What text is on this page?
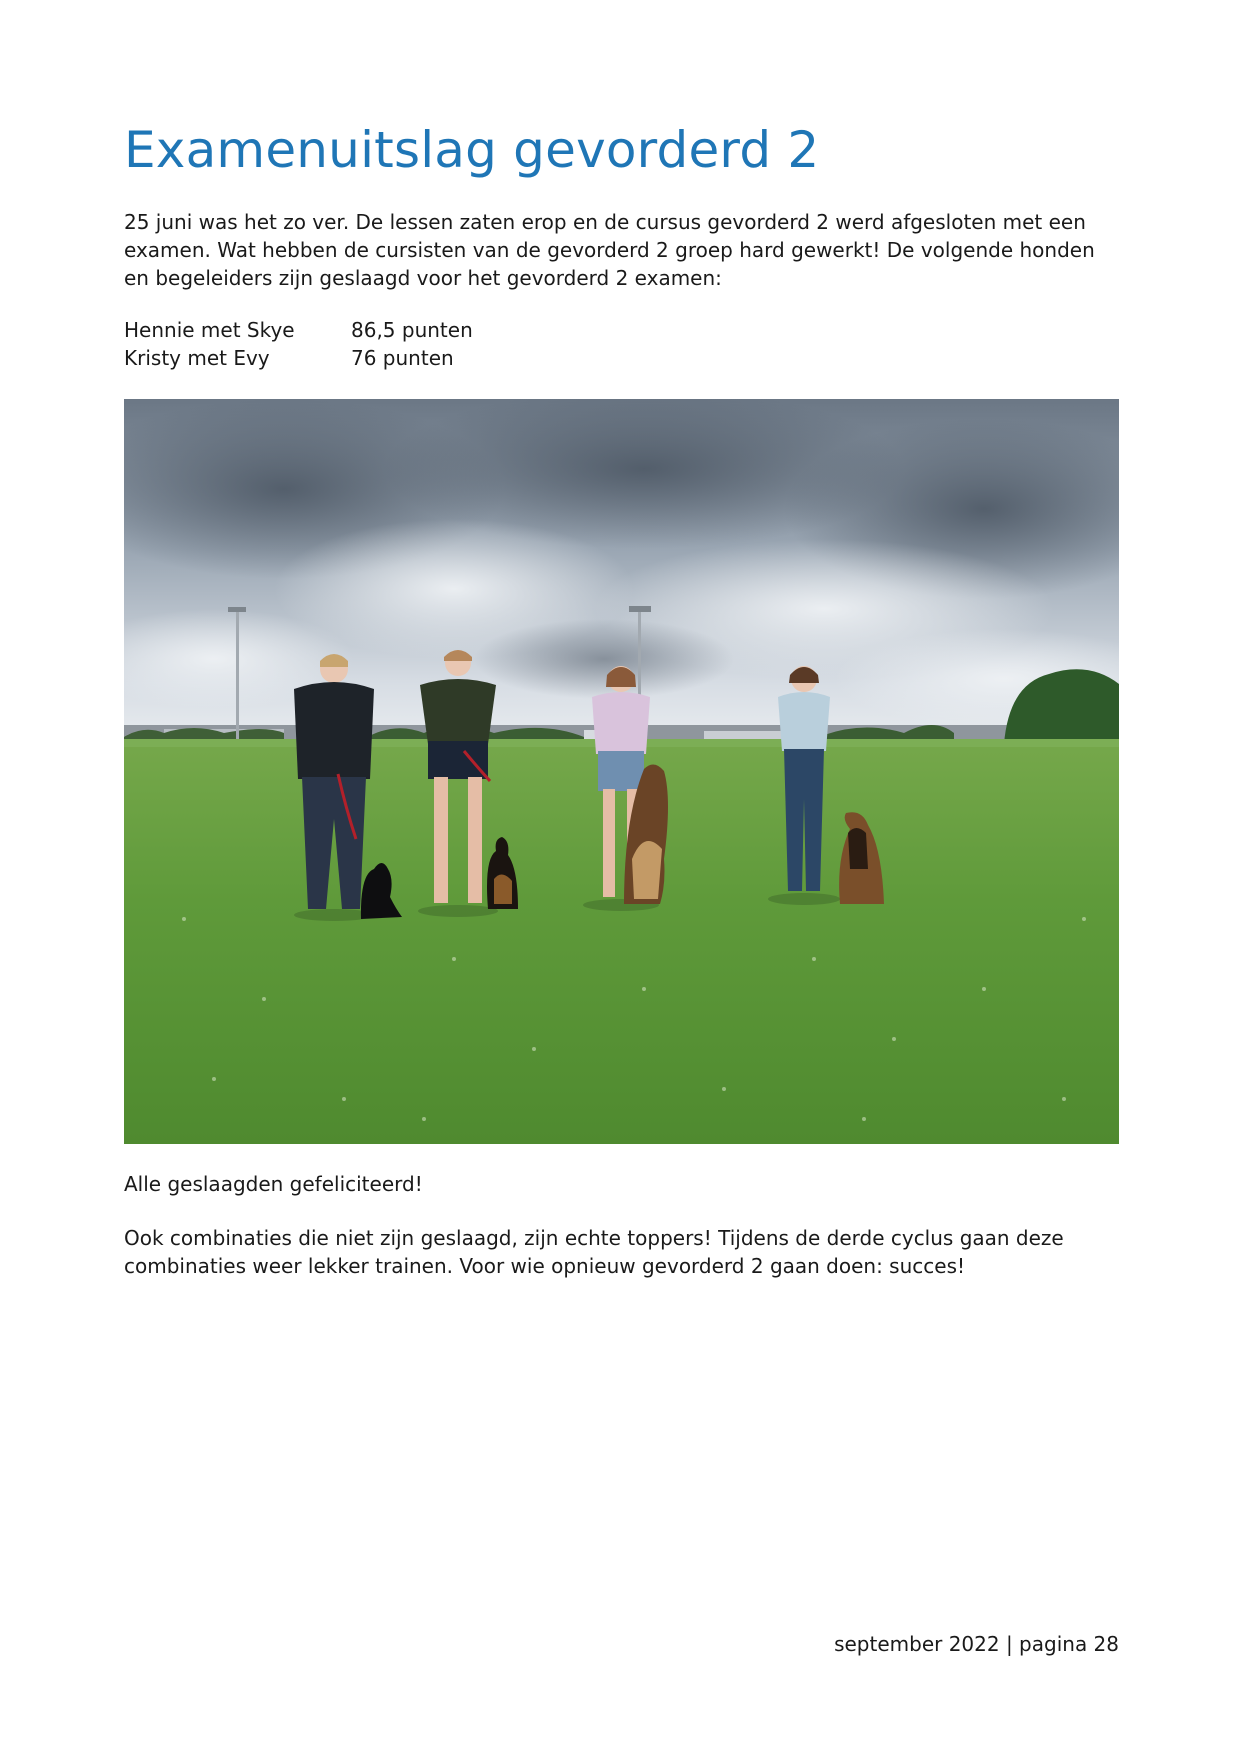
Examenuitslag gevorderd 2

25 juni was het zo ver. De lessen zaten erop en de cursus gevorderd 2 werd afgesloten met een examen. Wat hebben de cursisten van de gevorderd 2 groep hard gewerkt! De volgende honden en begeleiders zijn geslaagd voor het gevorderd 2 examen:

Hennie met Skye	86,5 punten
Kristy met Evy	76 punten

Alle geslaagden gefeliciteerd!

Ook combinaties die niet zijn geslaagd, zijn echte toppers! Tijdens de derde cyclus gaan deze combinaties weer lekker trainen. Voor wie opnieuw gevorderd 2 gaan doen: succes!

september 2022 | pagina 28
